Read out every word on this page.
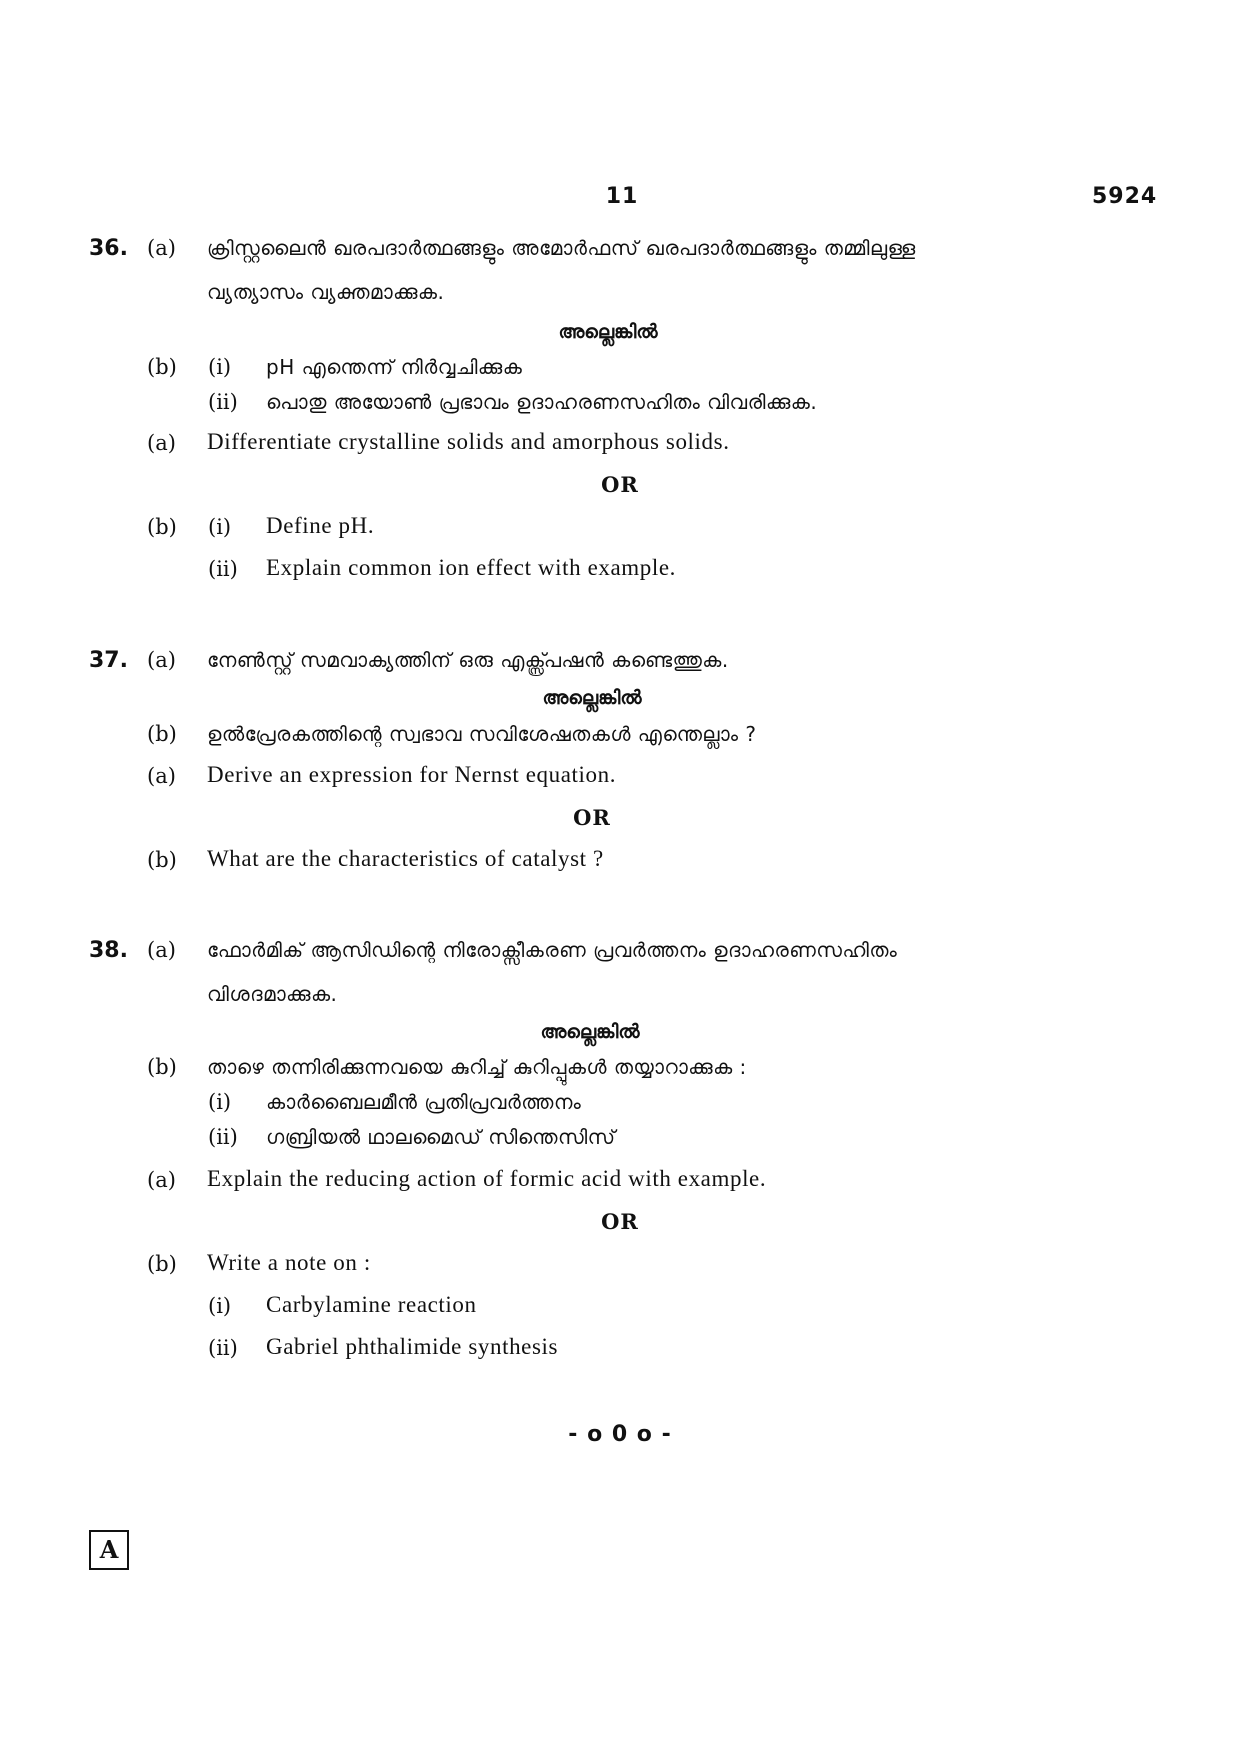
11	5924
36. (a) ക്രിസ്റ്റലൈൻ ഖരപദാർത്ഥങ്ങളും അമോർഫസ് ഖരപദാർത്ഥങ്ങളും തമ്മിലുള്ള
വ്യത്യാസം വ്യക്തമാക്കുക.
അല്ലെങ്കിൽ
(b) (i) pH എന്തെന്ന് നിർവ്വചിക്കുക
(ii) പൊതു അയോൺ പ്രഭാവം ഉദാഹരണസഹിതം വിവരിക്കുക.
(a) Differentiate crystalline solids and amorphous solids.
OR
(b) (i) Define pH.
(ii) Explain common ion effect with example.
37. (a) നേൺസ്റ്റ് സമവാക്യത്തിന് ഒരു എക്സ്പ്രഷൻ കണ്ടെത്തുക.
അല്ലെങ്കിൽ
(b) ഉൽപ്രേരകത്തിന്റെ സ്വഭാവ സവിശേഷതകൾ എന്തെല്ലാം ?
(a) Derive an expression for Nernst equation.
OR
(b) What are the characteristics of catalyst ?
38. (a) ഫോർമിക് ആസിഡിന്റെ നിരോക്സീകരണ പ്രവർത്തനം ഉദാഹരണസഹിതം
വിശദമാക്കുക.
അല്ലെങ്കിൽ
(b) താഴെ തന്നിരിക്കുന്നവയെ കുറിച്ച് കുറിപ്പുകൾ തയ്യാറാക്കുക :
(i) കാർബൈലമീൻ പ്രതിപ്രവർത്തനം
(ii) ഗബ്രിയൽ ഥാലമൈഡ് സിന്തെസിസ്
(a) Explain the reducing action of formic acid with example.
OR
(b) Write a note on :
(i) Carbylamine reaction
(ii) Gabriel phthalimide synthesis
- o 0 o -
A
